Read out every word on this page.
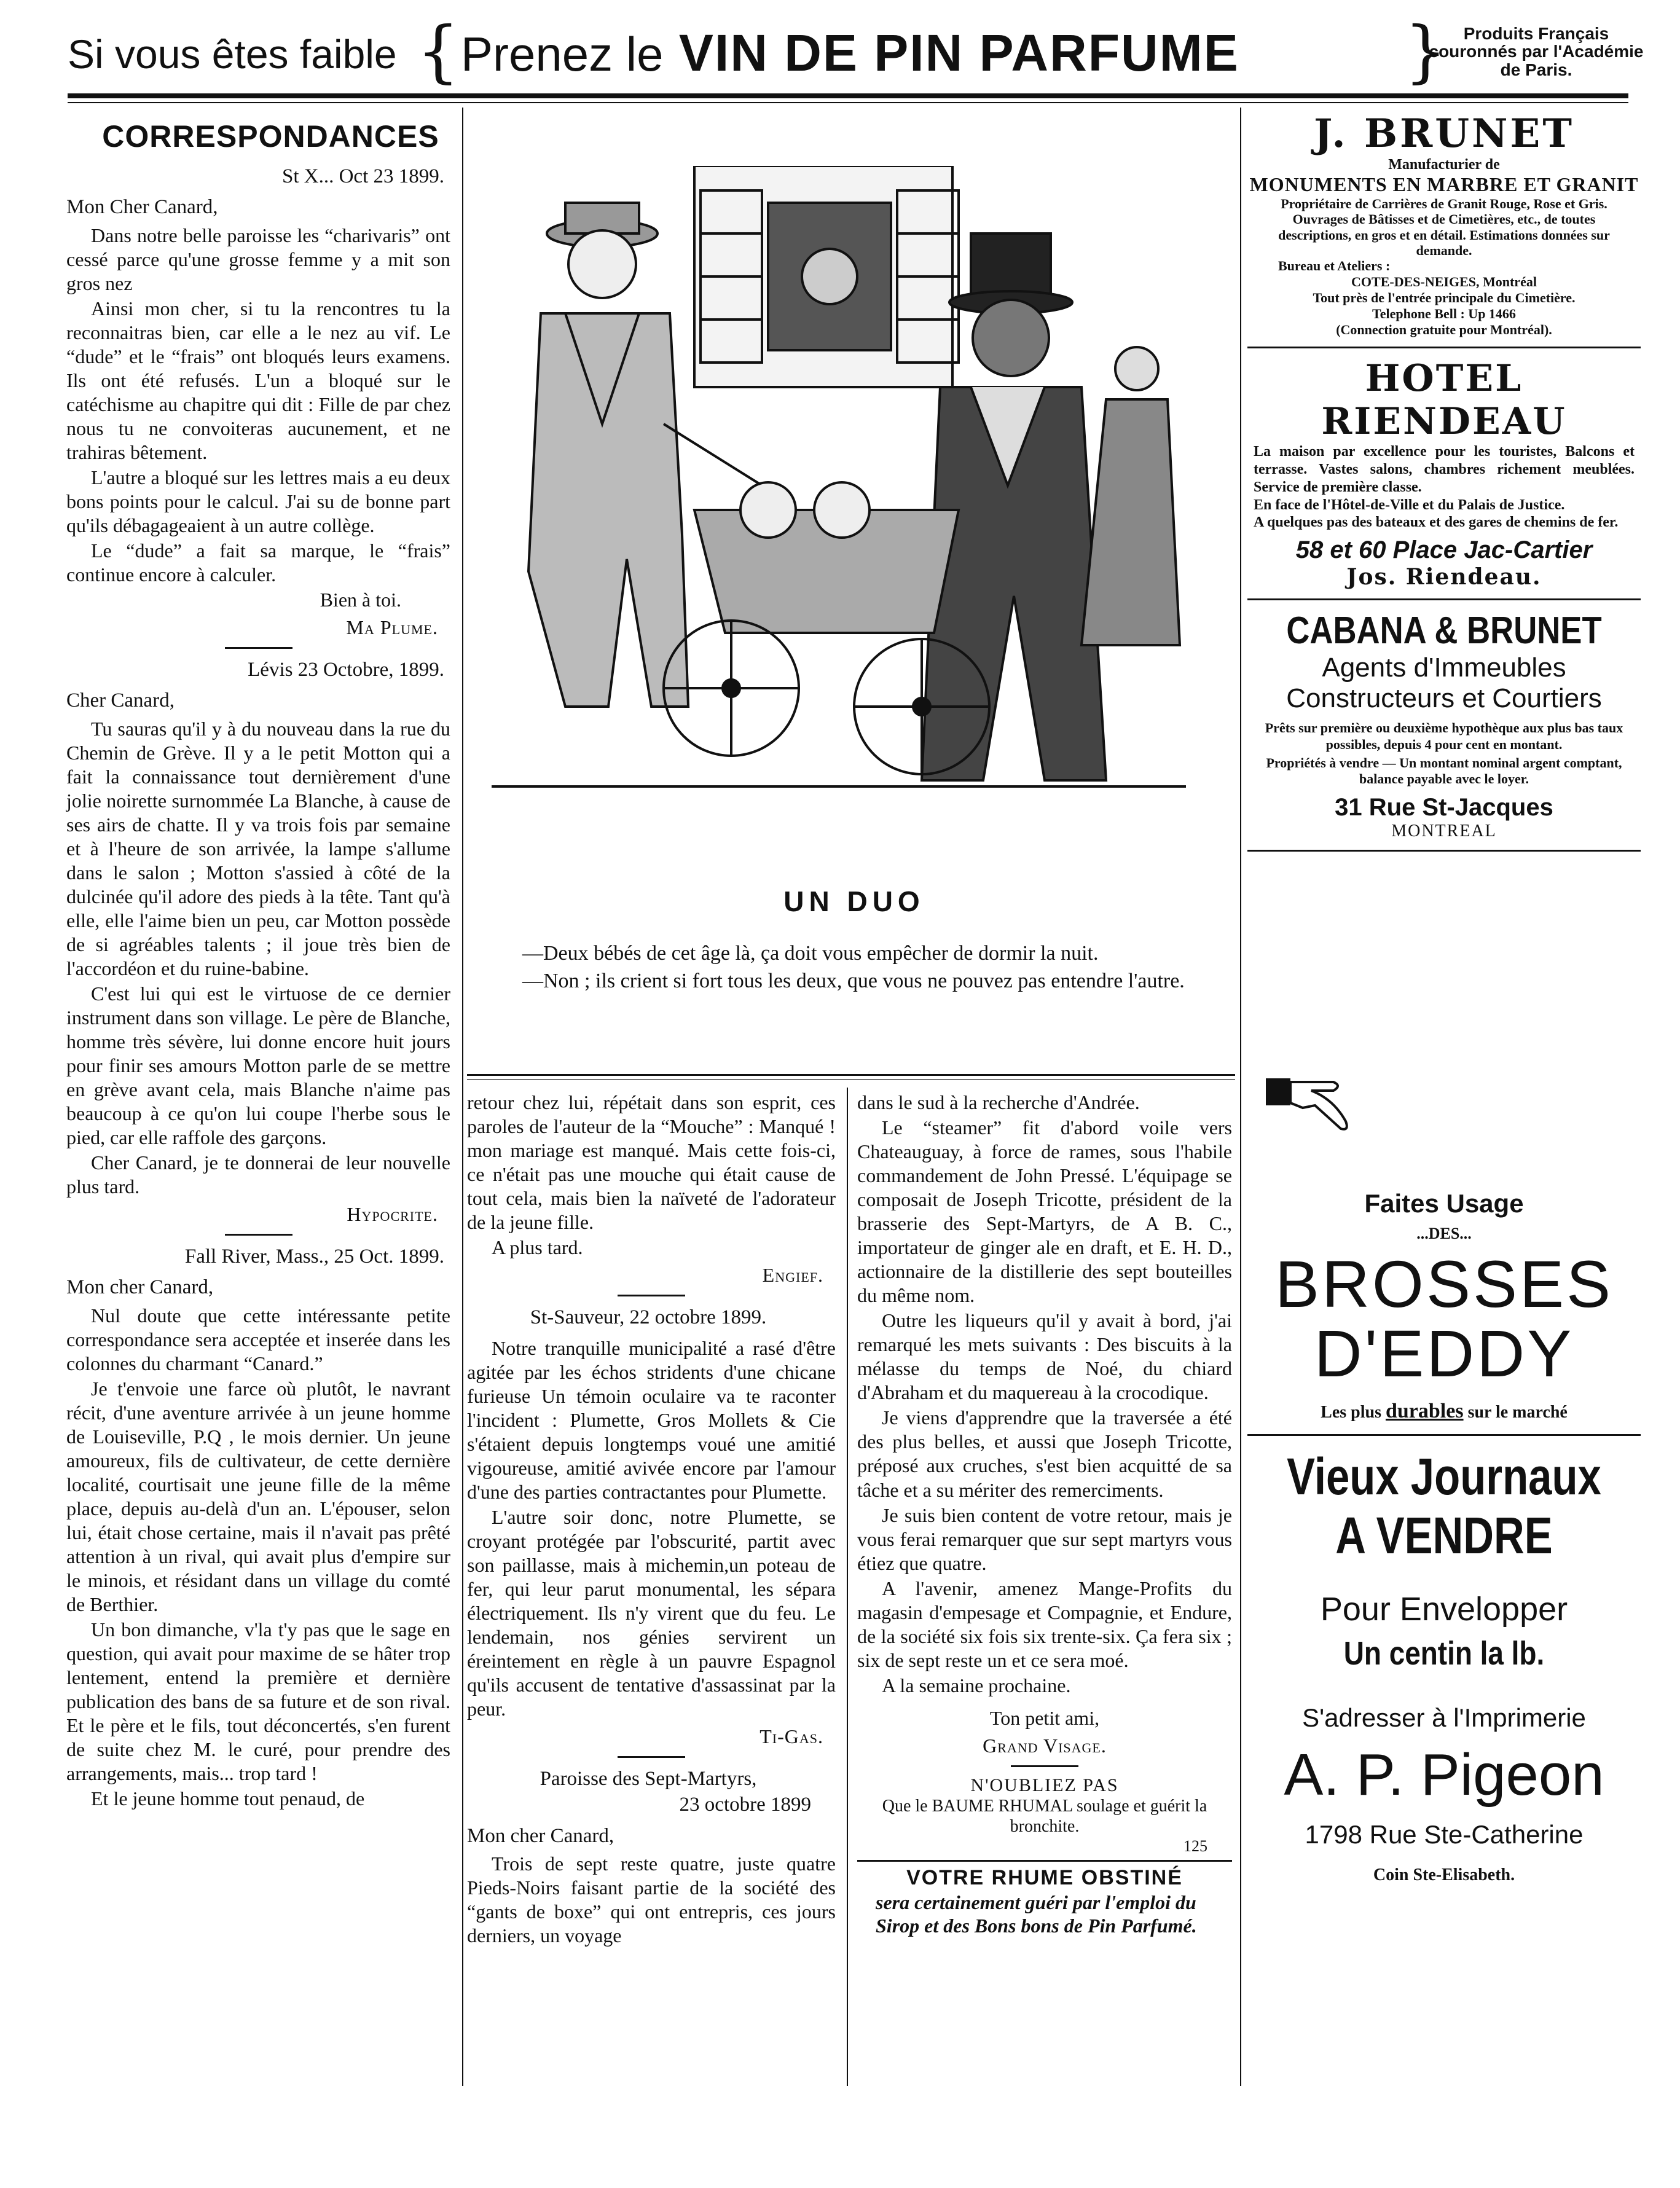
Si vous êtes faible { Prenez le VIN DE PIN PARFUME } Produits Français
couronnés par l'Académie
de Paris.
CORRESPONDANCES
St X... Oct 23 1899.

Mon Cher Canard,

Dans notre belle paroisse les “charivaris” ont cessé parce qu'une grosse femme y a mit son gros nez

Ainsi mon cher, si tu la rencontres tu la reconnaitras bien, car elle a le nez au vif. Le “dude” et le “frais” ont bloqués leurs examens. Ils ont été refusés. L'un a bloqué sur le catéchisme au chapitre qui dit : Fille de par chez nous tu ne convoiteras aucunement, et ne trahiras bêtement.

L'autre a bloqué sur les lettres mais a eu deux bons points pour le calcul. J'ai su de bonne part qu'ils débagageaient à un autre collège.

Le “dude” a fait sa marque, le “frais” continue encore à calculer.

Bien à toi.
Ma Plume.
Lévis 23 Octobre, 1899.

Cher Canard,

Tu sauras qu'il y à du nouveau dans la rue du Chemin de Grève. Il y a le petit Motton qui a fait la connaissance tout dernièrement d'une jolie noirette surnommée La Blanche, à cause de ses airs de chatte. Il y va trois fois par semaine et à l'heure de son arrivée, la lampe s'allume dans le salon ; Motton s'assied à côté de la dulcinée qu'il adore des pieds à la tête. Tant qu'à elle, elle l'aime bien un peu, car Motton possède de si agréables talents ; il joue très bien de l'accordéon et du ruine-babine.

C'est lui qui est le virtuose de ce dernier instrument dans son village. Le père de Blanche, homme très sévère, lui donne encore huit jours pour finir ses amours Motton parle de se mettre en grève avant cela, mais Blanche n'aime pas beaucoup à ce qu'on lui coupe l'herbe sous le pied, car elle raffole des garçons.

Cher Canard, je te donnerai de leur nouvelle plus tard.

Hypocrite.
Fall River, Mass., 25 Oct. 1899.

Mon cher Canard,

Nul doute que cette intéressante petite correspondance sera acceptée et inserée dans les colonnes du charmant “Canard.”

Je t'envoie une farce où plutôt, le navrant récit, d'une aventure arrivée à un jeune homme de Louiseville, P.Q , le mois dernier. Un jeune amoureux, fils de cultivateur, de cette dernière localité, courtisait une jeune fille de la même place, depuis au-delà d'un an. L'épouser, selon lui, était chose certaine, mais il n'avait pas prêté attention à un rival, qui avait plus d'empire sur le minois, et résidant dans un village du comté de Berthier.

Un bon dimanche, v'la t'y pas que le sage en question, qui avait pour maxime de se hâter trop lentement, entend la première et dernière publication des bans de sa future et de son rival. Et le père et le fils, tout déconcertés, s'en furent de suite chez M. le curé, pour prendre des arrangements, mais... trop tard !

Et le jeune homme tout penaud, de

UN DUO

—Deux bébés de cet âge là, ça doit vous empêcher de dormir la nuit.

—Non ; ils crient si fort tous les deux, que vous ne pouvez pas entendre l'autre.

retour chez lui, répétait dans son esprit, ces paroles de l'auteur de la “Mouche” : Manqué ! mon mariage est manqué. Mais cette fois-ci, ce n'était pas une mouche qui était cause de tout cela, mais bien la naïveté de l'adorateur de la jeune fille.

A plus tard.

Engief.
St-Sauveur, 22 octobre 1899.

Notre tranquille municipalité a rasé d'être agitée par les échos stridents d'une chicane furieuse Un témoin oculaire va te raconter l'incident : Plumette, Gros Mollets & Cie s'étaient depuis longtemps voué une amitié vigoureuse, amitié avivée encore par l'amour d'une des parties contractantes pour Plumette.

L'autre soir donc, notre Plumette, se croyant protégée par l'obscurité, partit avec son paillasse, mais à michemin,un poteau de fer, qui leur parut monumental, les sépara électriquement. Ils n'y virent que du feu. Le lendemain, nos génies servirent un éreintement en règle à un pauvre Espagnol qu'ils accusent de tentative d'assassinat par la peur.

Ti-Gas.
Paroisse des Sept-Martyrs,
23 octobre 1899

Mon cher Canard,

Trois de sept reste quatre, juste quatre Pieds-Noirs faisant partie de la société des “gants de boxe” qui ont entrepris, ces jours derniers, un voyage

dans le sud à la recherche d'Andrée.

Le “steamer” fit d'abord voile vers Chateauguay, à force de rames, sous l'habile commandement de John Pressé. L'équipage se composait de Joseph Tricotte, président de la brasserie des Sept-Martyrs, de A B. C., importateur de ginger ale en draft, et E. H. D., actionnaire de la distillerie des sept bouteilles du même nom.

Outre les liqueurs qu'il y avait à bord, j'ai remarqué les mets suivants : Des biscuits à la mélasse du temps de Noé, du chiard d'Abraham et du maquereau à la crocodique.

Je viens d'apprendre que la traversée a été des plus belles, et aussi que Joseph Tricotte, préposé aux cruches, s'est bien acquitté de sa tâche et a su mériter des remerciments.

Je suis bien content de votre retour, mais je vous ferai remarquer que sur sept martyrs vous étiez que quatre.

A l'avenir, amenez Mange-Profits du magasin d'empesage et Compagnie, et Endure, de la société six fois six trente-six. Ça fera six ; six de sept reste un et ce sera moé.

A la semaine prochaine.

Ton petit ami,
Grand Visage.
N'OUBLIEZ PAS
Que le BAUME RHUMAL soulage et guérit la bronchite.
125
VOTRE RHUME OBSTINÉ
sera certainement guéri par l'emploi du Sirop et des Bons bons de Pin Parfumé.
J. BRUNET
Manufacturier de
MONUMENTS EN MARBRE ET GRANIT
Propriétaire de Carrières de Granit Rouge, Rose et Gris.
Ouvrages de Bâtisses et de Cimetières, etc., de toutes descriptions, en gros et en détail. Estimations données sur demande.
Bureau et Ateliers :
COTE-DES-NEIGES, Montréal
Tout près de l'entrée principale du Cimetière.
Telephone Bell : Up 1466
(Connection gratuite pour Montréal).
HOTEL RIENDEAU
La maison par excellence pour les touristes, Balcons et terrasse. Vastes salons, chambres richement meublées. Service de première classe.
En face de l'Hôtel-de-Ville et du Palais de Justice.
A quelques pas des bateaux et des gares de chemins de fer.
58 et 60 Place Jac-Cartier
Jos. Riendeau.
CABANA & BRUNET
Agents d'Immeubles
Constructeurs et Courtiers
Prêts sur première ou deuxième hypothèque aux plus bas taux possibles, depuis 4 pour cent en montant.
Propriétés à vendre — Un montant nominal argent comptant, balance payable avec le loyer.
31 Rue St-Jacques
MONTREAL
Faites Usage
...DES...
BROSSES
D'EDDY
Les plus durables sur le marché
Vieux Journaux
A VENDRE
Pour Envelopper
Un centin la lb.
S'adresser à l'Imprimerie
A. P. Pigeon
1798 Rue Ste-Catherine
Coin Ste-Elisabeth.
